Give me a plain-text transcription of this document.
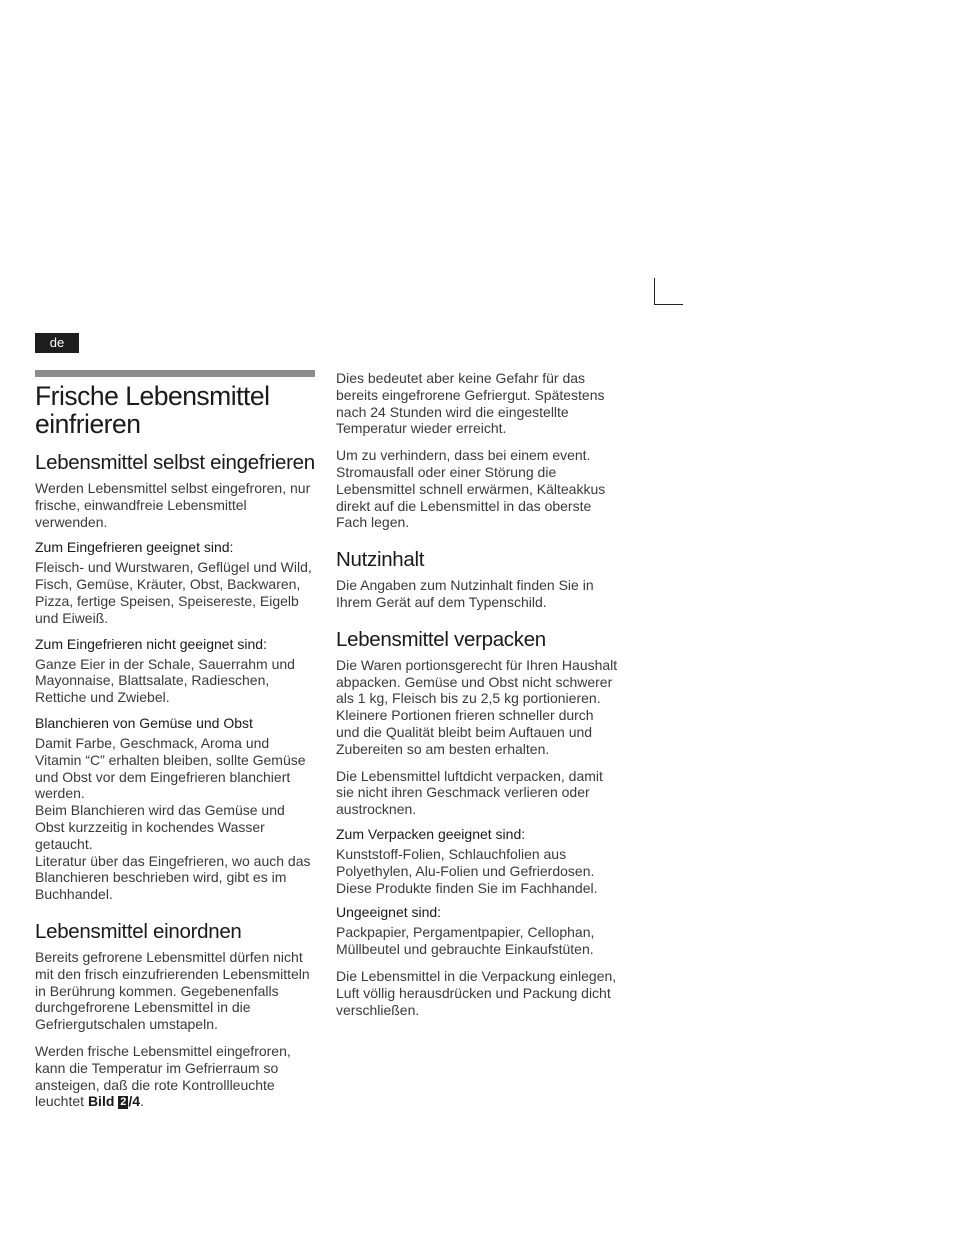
de
Frische Lebensmittel einfrieren
Lebensmittel selbst eingefrieren

Werden Lebensmittel selbst eingefroren, nur frische, einwandfreie Lebensmittel verwenden.

Zum Eingefrieren geeignet sind:

Fleisch- und Wurstwaren, Geflügel und Wild, Fisch, Gemüse, Kräuter, Obst, Backwaren, Pizza, fertige Speisen, Speisereste, Eigelb und Eiweiß.

Zum Eingefrieren nicht geeignet sind:

Ganze Eier in der Schale, Sauerrahm und Mayonnaise, Blattsalate, Radieschen, Rettiche und Zwiebel.

Blanchieren von Gemüse und Obst

Damit Farbe, Geschmack, Aroma und Vitamin “C” erhalten bleiben, sollte Gemüse und Obst vor dem Eingefrieren blanchiert werden.

Beim Blanchieren wird das Gemüse und Obst kurzzeitig in kochendes Wasser getaucht.

Literatur über das Eingefrieren, wo auch das Blanchieren beschrieben wird, gibt es im Buchhandel.

Lebensmittel einordnen

Bereits gefrorene Lebensmittel dürfen nicht mit den frisch einzufrierenden Lebensmitteln in Berührung kommen. Gegebenenfalls durchgefrorene Lebensmittel in die Gefriergutschalen umstapeln.

Werden frische Lebensmittel eingefroren, kann die Temperatur im Gefrierraum so ansteigen, daß die rote Kontrollleuchte leuchtet Bild 2 /4.

Dies bedeutet aber keine Gefahr für das bereits eingefrorene Gefriergut. Spätestens nach 24 Stunden wird die eingestellte Temperatur wieder erreicht.

Um zu verhindern, dass bei einem event. Stromausfall oder einer Störung die Lebensmittel schnell erwärmen, Kälteakkus direkt auf die Lebensmittel in das oberste Fach legen.

Nutzinhalt

Die Angaben zum Nutzinhalt finden Sie in Ihrem Gerät auf dem Typenschild.

Lebensmittel verpacken

Die Waren portionsgerecht für Ihren Haushalt abpacken. Gemüse und Obst nicht schwerer als 1 kg, Fleisch bis zu 2,5 kg portionieren. Kleinere Portionen frieren schneller durch und die Qualität bleibt beim Auftauen und Zubereiten so am besten erhalten.

Die Lebensmittel luftdicht verpacken, damit sie nicht ihren Geschmack verlieren oder austrocknen.

Zum Verpacken geeignet sind:

Kunststoff-Folien, Schlauchfolien aus Polyethylen, Alu-Folien und Gefrierdosen. Diese Produkte finden Sie im Fachhandel.

Ungeeignet sind:

Packpapier, Pergamentpapier, Cellophan, Müllbeutel und gebrauchte Einkaufstüten.

Die Lebensmittel in die Verpackung einlegen, Luft völlig herausdrücken und Packung dicht verschließen.
